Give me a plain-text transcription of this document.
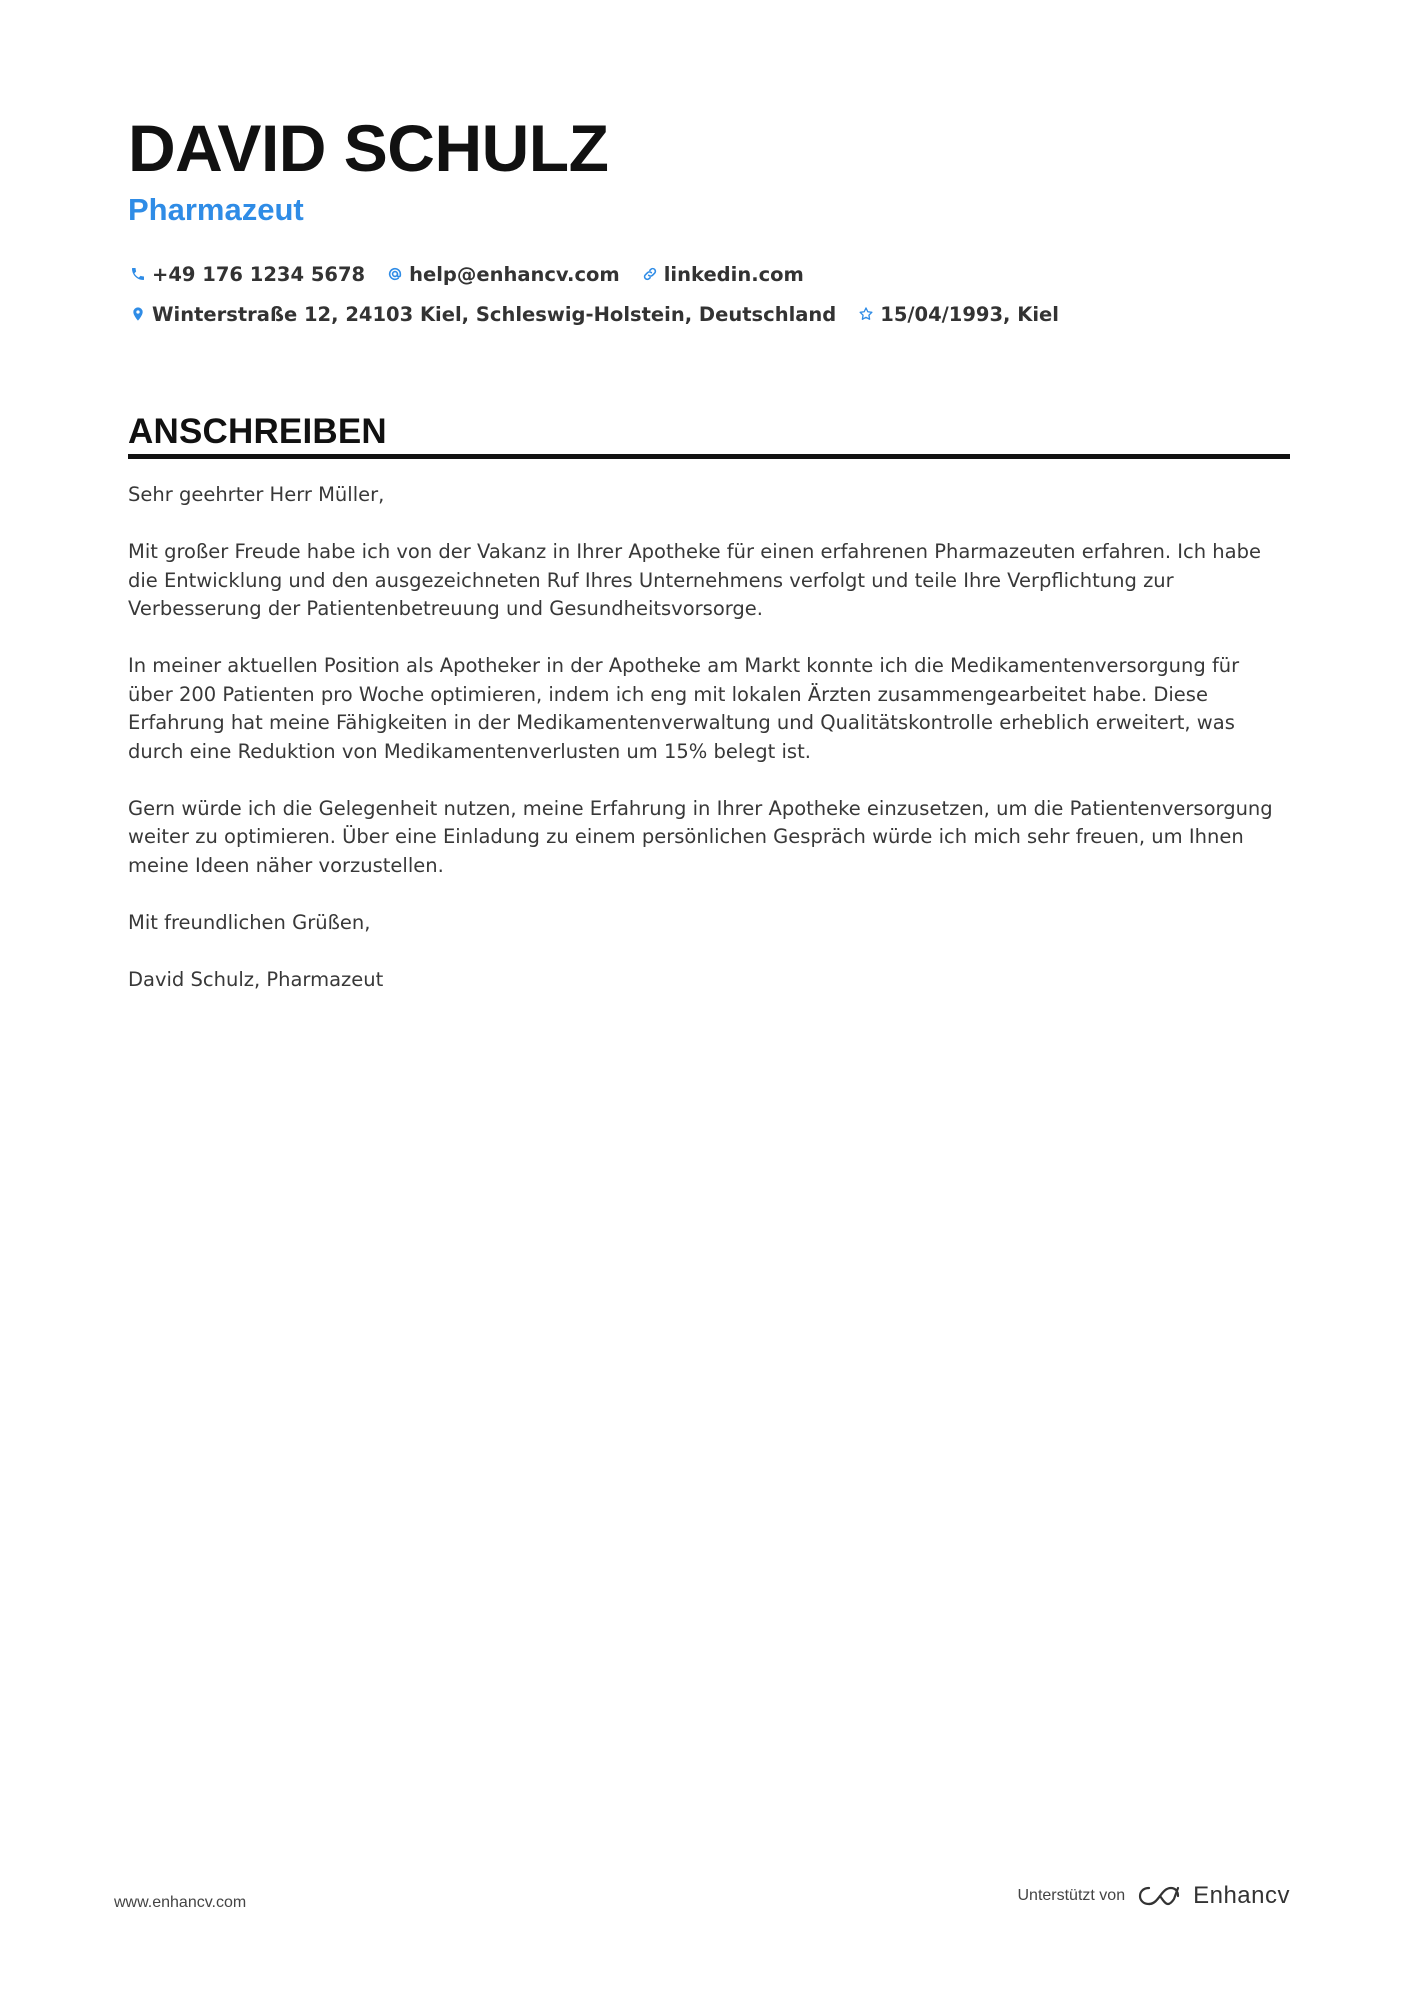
DAVID SCHULZ
Pharmazeut
+49 176 1234 5678 help@enhancv.com linkedin.com
Winterstraße 12, 24103 Kiel, Schleswig-Holstein, Deutschland 15/04/1993, Kiel
ANSCHREIBEN

Sehr geehrter Herr Müller,

Mit großer Freude habe ich von der Vakanz in Ihrer Apotheke für einen erfahrenen Pharmazeuten erfahren. Ich habe die Entwicklung und den ausgezeichneten Ruf Ihres Unternehmens verfolgt und teile Ihre Verpflichtung zur Verbesserung der Patientenbetreuung und Gesundheitsvorsorge.

In meiner aktuellen Position als Apotheker in der Apotheke am Markt konnte ich die Medikamentenversorgung für über 200 Patienten pro Woche optimieren, indem ich eng mit lokalen Ärzten zusammengearbeitet habe. Diese Erfahrung hat meine Fähigkeiten in der Medikamentenverwaltung und Qualitätskontrolle erheblich erweitert, was durch eine Reduktion von Medikamentenverlusten um 15% belegt ist.

Gern würde ich die Gelegenheit nutzen, meine Erfahrung in Ihrer Apotheke einzusetzen, um die Patientenversorgung weiter zu optimieren. Über eine Einladung zu einem persönlichen Gespräch würde ich mich sehr freuen, um Ihnen meine Ideen näher vorzustellen.

Mit freundlichen Grüßen,

David Schulz, Pharmazeut

www.enhancv.com	Unterstützt von	Enhancv
